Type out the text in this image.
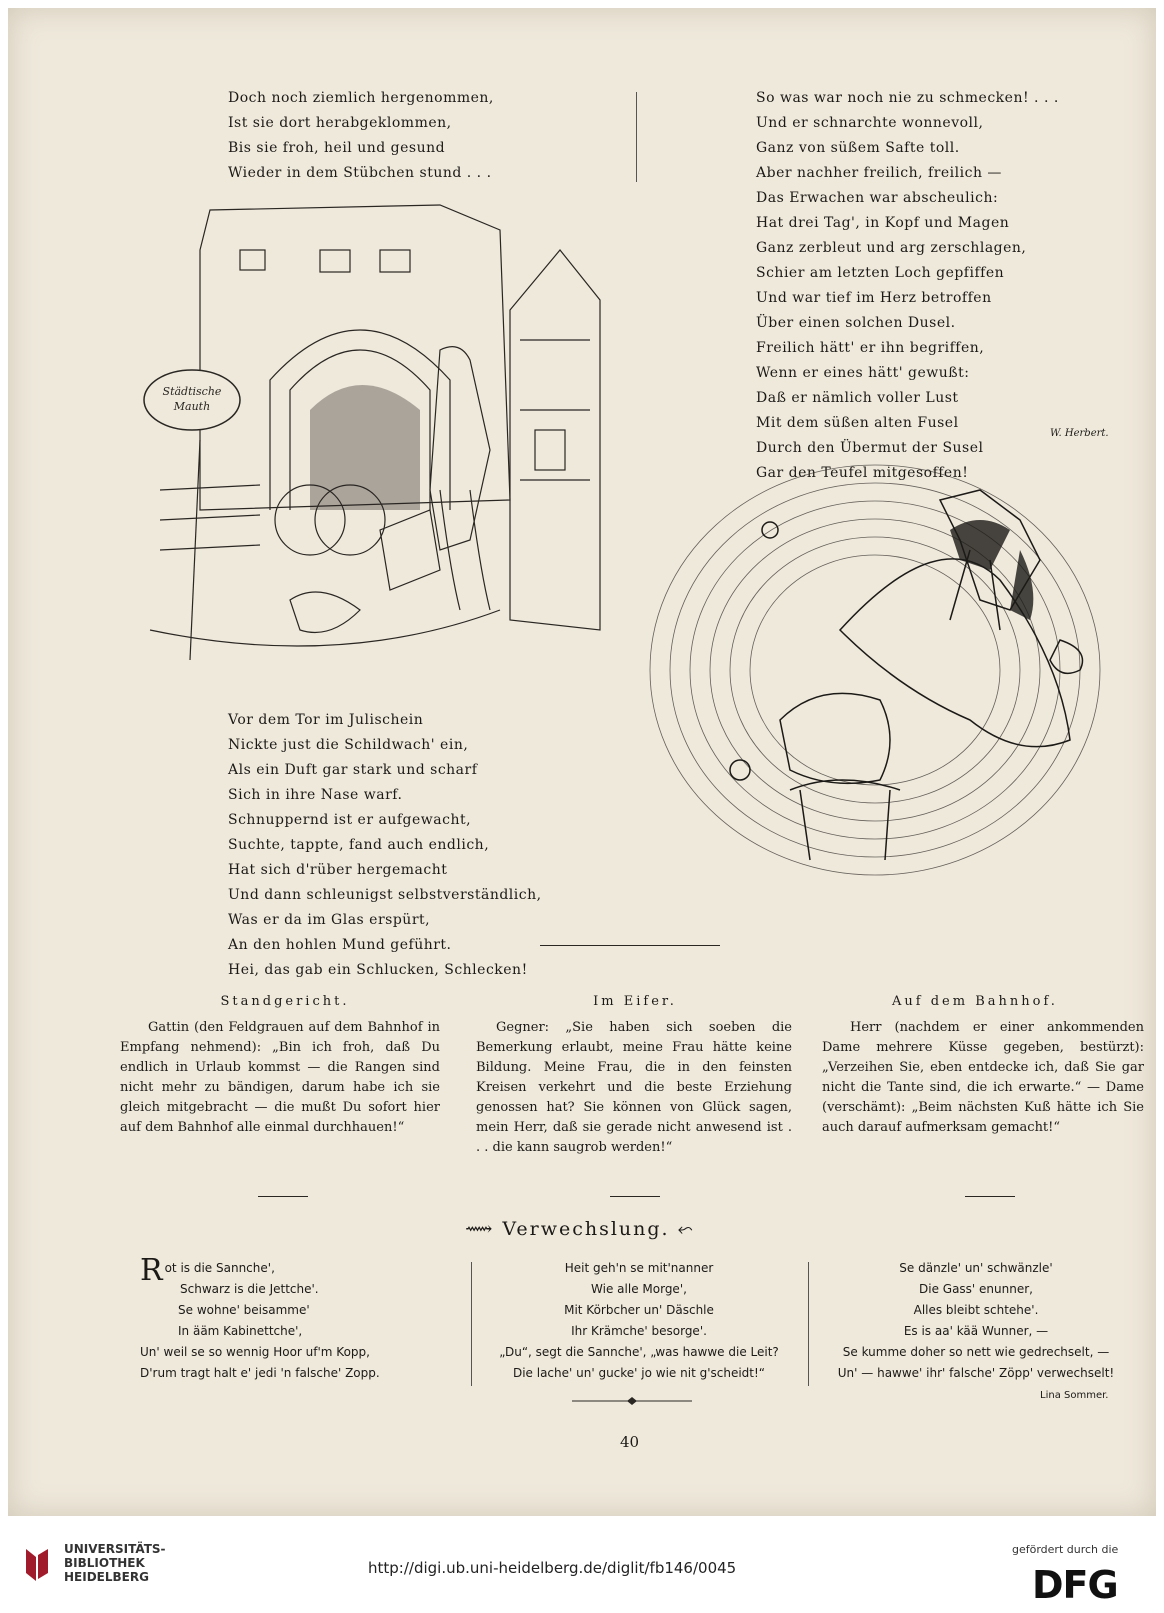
Doch noch ziemlich hergenommen,
Ist sie dort herabgeklommen,
Bis sie froh, heil und gesund
Wieder in dem Stübchen stund . . .
So was war noch nie zu schmecken! . . .
Und er schnarchte wonnevoll,
Ganz von süßem Safte toll.
Aber nachher freilich, freilich —
Das Erwachen war abscheulich:
Hat drei Tag', in Kopf und Magen
Ganz zerbleut und arg zerschlagen,
Schier am letzten Loch gepfiffen
Und war tief im Herz betroffen
Über einen solchen Dusel.
Freilich hätt' er ihn begriffen,
Wenn er eines hätt' gewußt:
Daß er nämlich voller Lust
Mit dem süßen alten Fusel
Durch den Übermut der Susel
Gar den Teufel mitgesoffen!
W. Herbert.
Städtische
Mauth
Vor dem Tor im Julischein
Nickte just die Schildwach' ein,
Als ein Duft gar stark und scharf
Sich in ihre Nase warf.
Schnuppernd ist er aufgewacht,
Suchte, tappte, fand auch endlich,
Hat sich d'rüber hergemacht
Und dann schleunigst selbstverständlich,
Was er da im Glas erspürt,
An den hohlen Mund geführt.
Hei, das gab ein Schlucken, Schlecken!
Standgericht.
Gattin (den Feldgrauen auf dem Bahnhof in Empfang nehmend): „Bin ich froh, daß Du endlich in Urlaub kommst — die Rangen sind nicht mehr zu bändigen, darum habe ich sie gleich mitgebracht — die mußt Du sofort hier auf dem Bahnhof alle einmal durchhauen!“
Im Eifer.
Gegner: „Sie haben sich soeben die Bemerkung erlaubt, meine Frau hätte keine Bildung. Meine Frau, die in den feinsten Kreisen verkehrt und die beste Erziehung genossen hat? Sie können von Glück sagen, mein Herr, daß sie gerade nicht anwesend ist . . . die kann saugrob werden!“
Auf dem Bahnhof.
Herr (nachdem er einer ankommenden Dame mehrere Küsse gegeben, bestürzt): „Verzeihen Sie, eben entdecke ich, daß Sie gar nicht die Tante sind, die ich erwarte.“ — Dame (verschämt): „Beim nächsten Kuß hätte ich Sie auch darauf aufmerksam gemacht!“
⟿ Verwechslung. ⬿
Rot is die Sannche',
Schwarz is die Jettche'.
Se wohne' beisamme'
In ääm Kabinettche',
Un' weil se so wennig Hoor uf'm Kopp,
D'rum tragt halt e' jedi 'n falsche' Zopp.
Heit geh'n se mit'nanner
Wie alle Morge',
Mit Körbcher un' Däschle
Ihr Krämche' besorge'.
„Du“, segt die Sannche', „was hawwe die Leit?
Die lache' un' gucke' jo wie nit g'scheidt!“
Se dänzle' un' schwänzle'
Die Gass' enunner,
Alles bleibt schtehe'.
Es is aa' kää Wunner, —
Se kumme doher so nett wie gedrechselt, —
Un' — hawwe' ihr' falsche' Zöpp' verwechselt!
Lina Sommer.
40
UNIVERSITÄTS-
BIBLIOTHEK
HEIDELBERG	http://digi.ub.uni-heidelberg.de/diglit/fb146/0045
gefördert durch die
DFG
